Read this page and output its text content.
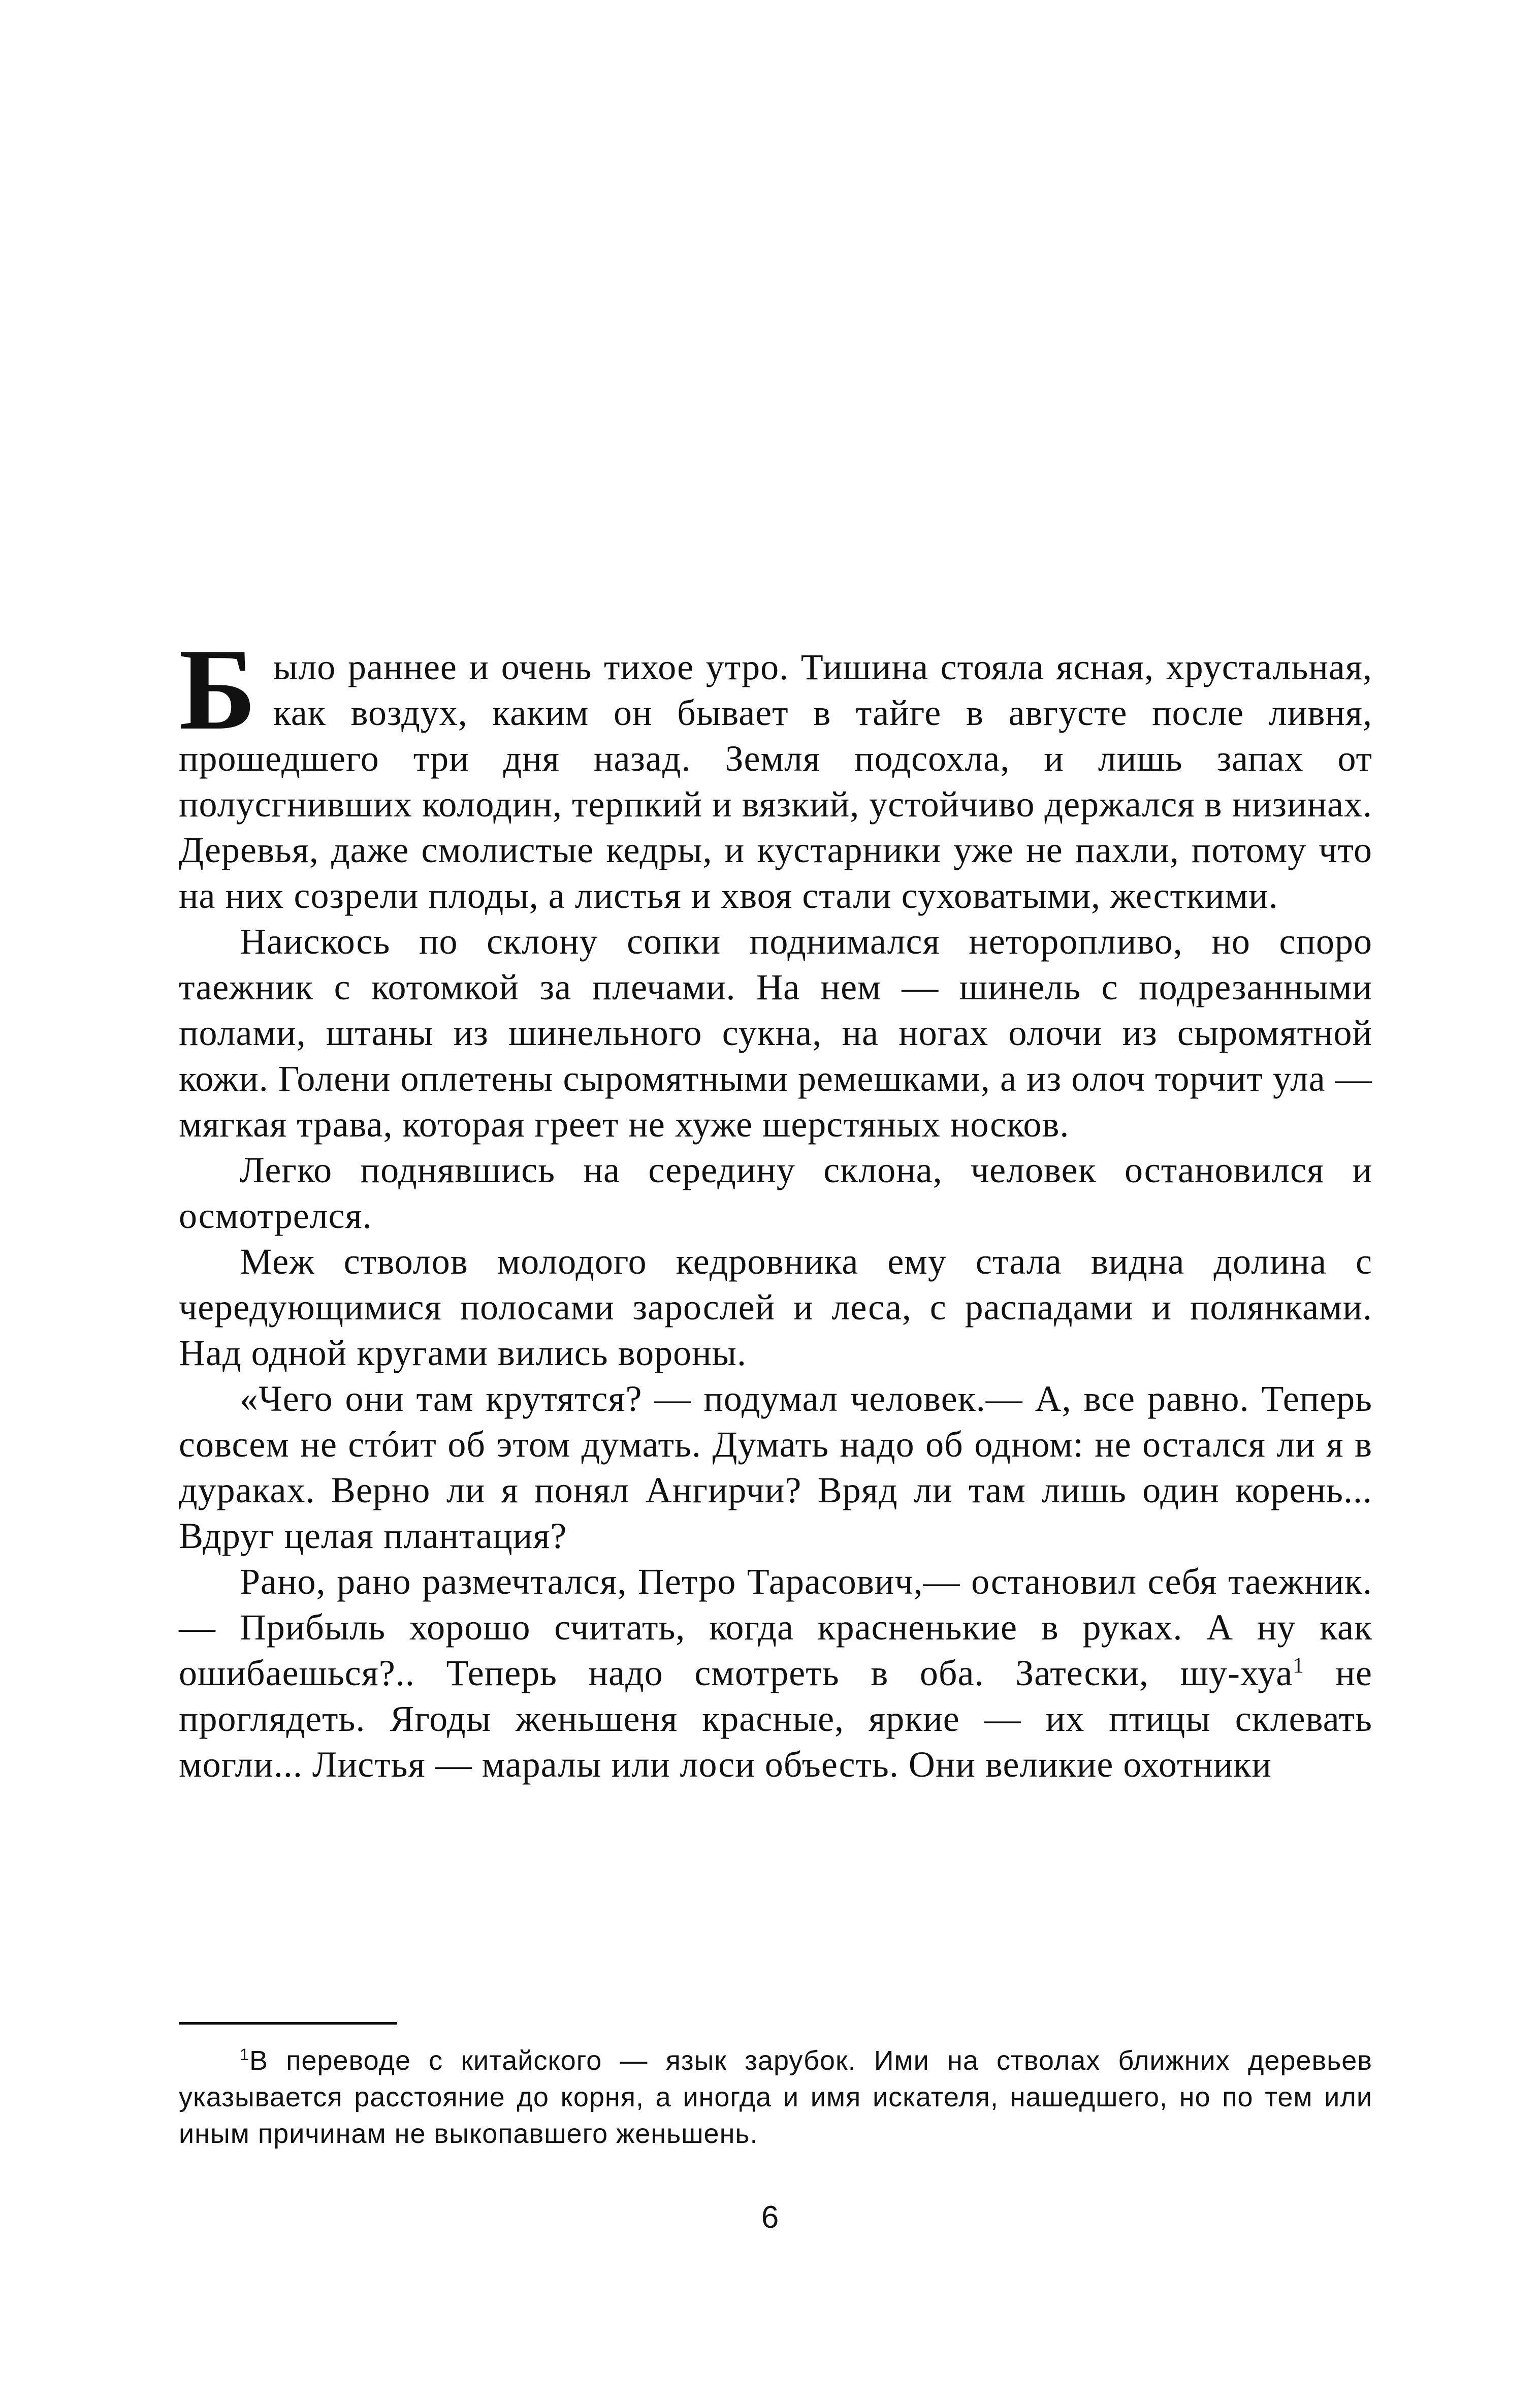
Было раннее и очень тихое утро. Тишина стояла ясная, хрустальная, как воздух, каким он бывает в тайге в августе после ливня, прошедшего три дня назад. Земля подсохла, и лишь запах от полусгнивших колодин, терпкий и вязкий, устойчиво держался в низинах. Деревья, даже смолистые кедры, и кустарники уже не пахли, потому что на них созрели плоды, а листья и хвоя стали суховатыми, жесткими.

Наискось по склону сопки поднимался неторопливо, но споро таежник с котомкой за плечами. На нем — шинель с подрезанными полами, штаны из шинельного сукна, на ногах олочи из сыромятной кожи. Голени оплетены сыромятными ремешками, а из олоч торчит ула — мягкая трава, которая греет не хуже шерстяных носков.

Легко поднявшись на середину склона, человек остановился и осмотрелся.

Меж стволов молодого кедровника ему стала видна долина с чередующимися полосами зарослей и леса, с распадами и полянками. Над одной кругами вились вороны.

«Чего они там крутятся? — подумал человек.— А, все равно. Теперь совсем не стóит об этом думать. Думать надо об одном: не остался ли я в дураках. Верно ли я понял Ангирчи? Вряд ли там лишь один корень... Вдруг целая плантация?

Рано, рано размечтался, Петро Тарасович,— остановил себя таежник.— Прибыль хорошо считать, когда красненькие в руках. А ну как ошибаешься?.. Теперь надо смотреть в оба. Затески, шу-хуа$^1$ не проглядеть. Ягоды женьшеня красные, яркие — их птицы склевать могли... Листья — маралы или лоси объесть. Они великие охотники

$^1$В переводе с китайского — язык зарубок. Ими на стволах ближних деревьев указывается расстояние до корня, а иногда и имя искателя, нашедшего, но по тем или иным причинам не выкопавшего женьшень.
6
